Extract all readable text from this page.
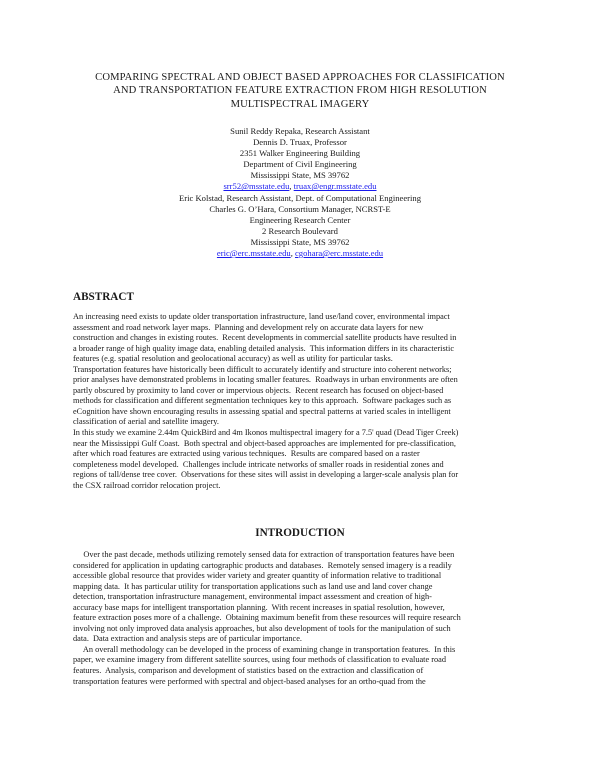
COMPARING SPECTRAL AND OBJECT BASED APPROACHES FOR CLASSIFICATION
AND TRANSPORTATION FEATURE EXTRACTION FROM HIGH RESOLUTION
MULTISPECTRAL IMAGERY
Sunil Reddy Repaka, Research Assistant
Dennis D. Truax, Professor
2351 Walker Engineering Building
Department of Civil Engineering
Mississippi State, MS 39762
srr52@msstate.edu, truax@engr.msstate.edu
Eric Kolstad, Research Assistant, Dept. of Computational Engineering
Charles G. O’Hara, Consortium Manager, NCRST-E
Engineering Research Center
2 Research Boulevard
Mississippi State, MS 39762
eric@erc.msstate.edu, cgohara@erc.msstate.edu
ABSTRACT
An increasing need exists to update older transportation infrastructure, land use/land cover, environmental impact
assessment and road network layer maps.  Planning and development rely on accurate data layers for new
construction and changes in existing routes.  Recent developments in commercial satellite products have resulted in
a broader range of high quality image data, enabling detailed analysis.  This information differs in its characteristic
features (e.g. spatial resolution and geolocational accuracy) as well as utility for particular tasks.
Transportation features have historically been difficult to accurately identify and structure into coherent networks;
prior analyses have demonstrated problems in locating smaller features.  Roadways in urban environments are often
partly obscured by proximity to land cover or impervious objects.  Recent research has focused on object-based
methods for classification and different segmentation techniques key to this approach.  Software packages such as
eCognition have shown encouraging results in assessing spatial and spectral patterns at varied scales in intelligent
classification of aerial and satellite imagery.
In this study we examine 2.44m QuickBird and 4m Ikonos multispectral imagery for a 7.5' quad (Dead Tiger Creek)
near the Mississippi Gulf Coast.  Both spectral and object-based approaches are implemented for pre-classification,
after which road features are extracted using various techniques.  Results are compared based on a raster
completeness model developed.  Challenges include intricate networks of smaller roads in residential zones and
regions of tall/dense tree cover.  Observations for these sites will assist in developing a larger-scale analysis plan for
the CSX railroad corridor relocation project.
INTRODUCTION
Over the past decade, methods utilizing remotely sensed data for extraction of transportation features have been
considered for application in updating cartographic products and databases.  Remotely sensed imagery is a readily
accessible global resource that provides wider variety and greater quantity of information relative to traditional
mapping data.  It has particular utility for transportation applications such as land use and land cover change
detection, transportation infrastructure management, environmental impact assessment and creation of high-
accuracy base maps for intelligent transportation planning.  With recent increases in spatial resolution, however,
feature extraction poses more of a challenge.  Obtaining maximum benefit from these resources will require research
involving not only improved data analysis approaches, but also development of tools for the manipulation of such
data.  Data extraction and analysis steps are of particular importance.
An overall methodology can be developed in the process of examining change in transportation features.  In this
paper, we examine imagery from different satellite sources, using four methods of classification to evaluate road
features.  Analysis, comparison and development of statistics based on the extraction and classification of
transportation features were performed with spectral and object-based analyses for an ortho-quad from the
